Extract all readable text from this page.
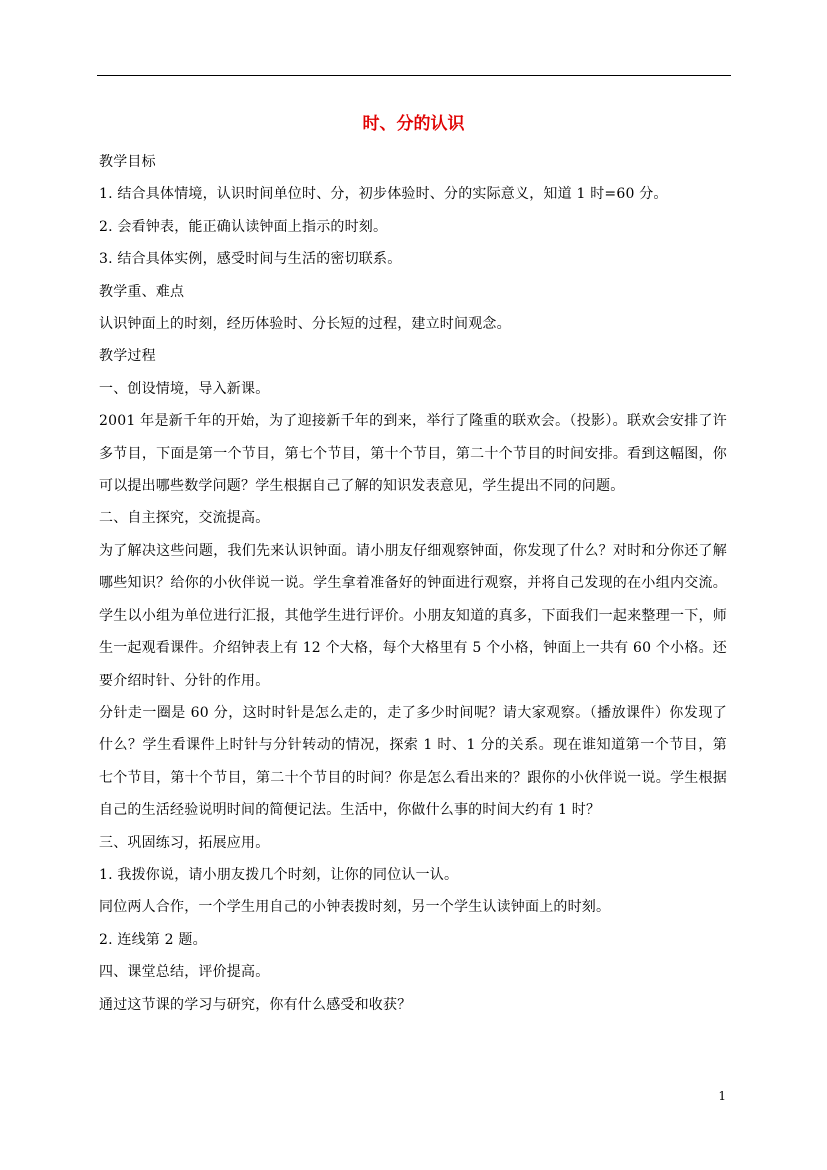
时、分的认识

教学目标

1. 结合具体情境，认识时间单位时、分，初步体验时、分的实际意义，知道 1 时=60 分。

2. 会看钟表，能正确认读钟面上指示的时刻。

3. 结合具体实例，感受时间与生活的密切联系。

教学重、难点

认识钟面上的时刻，经历体验时、分长短的过程，建立时间观念。

教学过程

一、创设情境，导入新课。

2001 年是新千年的开始，为了迎接新千年的到来，举行了隆重的联欢会。（投影）。联欢会安排了许多节目，下面是第一个节目，第七个节目，第十个节目，第二十个节目的时间安排。看到这幅图，你可以提出哪些数学问题？学生根据自己了解的知识发表意见，学生提出不同的问题。

二、自主探究，交流提高。

为了解决这些问题，我们先来认识钟面。请小朋友仔细观察钟面，你发现了什么？对时和分你还了解哪些知识？给你的小伙伴说一说。学生拿着准备好的钟面进行观察，并将自己发现的在小组内交流。学生以小组为单位进行汇报，其他学生进行评价。小朋友知道的真多，下面我们一起来整理一下，师生一起观看课件。介绍钟表上有 12 个大格，每个大格里有 5 个小格，钟面上一共有 60 个小格。还要介绍时针、分针的作用。

分针走一圈是 60 分，这时时针是怎么走的，走了多少时间呢？请大家观察。（播放课件）你发现了什么？学生看课件上时针与分针转动的情况，探索 1 时、1 分的关系。现在谁知道第一个节目，第七个节目，第十个节目，第二十个节目的时间？你是怎么看出来的？跟你的小伙伴说一说。学生根据自己的生活经验说明时间的简便记法。生活中，你做什么事的时间大约有 1 时？

三、巩固练习，拓展应用。

1. 我拨你说，请小朋友拨几个时刻，让你的同位认一认。

同位两人合作，一个学生用自己的小钟表拨时刻，另一个学生认读钟面上的时刻。

2. 连线第 2 题。

四、课堂总结，评价提高。

通过这节课的学习与研究，你有什么感受和收获？

1
